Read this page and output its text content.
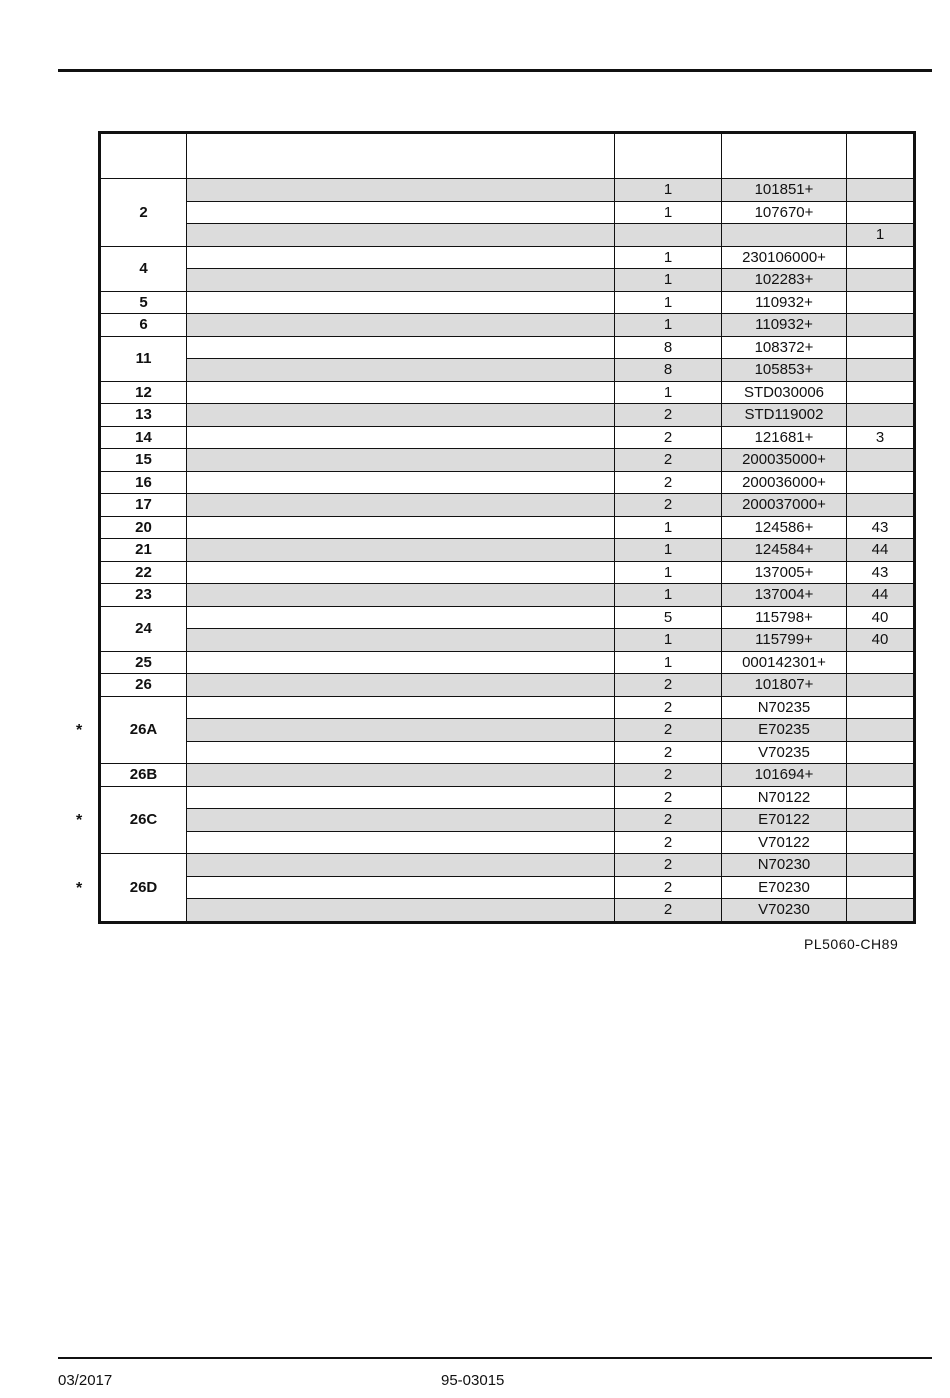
2		1	101851+	
		1	107670+	
				1
4		1	230106000+	
		1	102283+	
5		1	110932+	
6		1	110932+	
11		8	108372+	
		8	105853+	
12		1	STD030006	
13		2	STD119002	
14		2	121681+	3
15		2	200035000+	
16		2	200036000+	
17		2	200037000+	
20		1	124586+	43
21		1	124584+	44
22		1	137005+	43
23		1	137004+	44
24		5	115798+	40
		1	115799+	40
25		1	000142301+	
26		2	101807+	
26A		2	N70235	
		2	E70235	
		2	V70235	
26B		2	101694+	
26C		2	N70122	
		2	E70122	
		2	V70122	
26D		2	N70230	
		2	E70230	
		2	V70230	
*
*
*
PL5060-CH89
03/2017	95-03015
